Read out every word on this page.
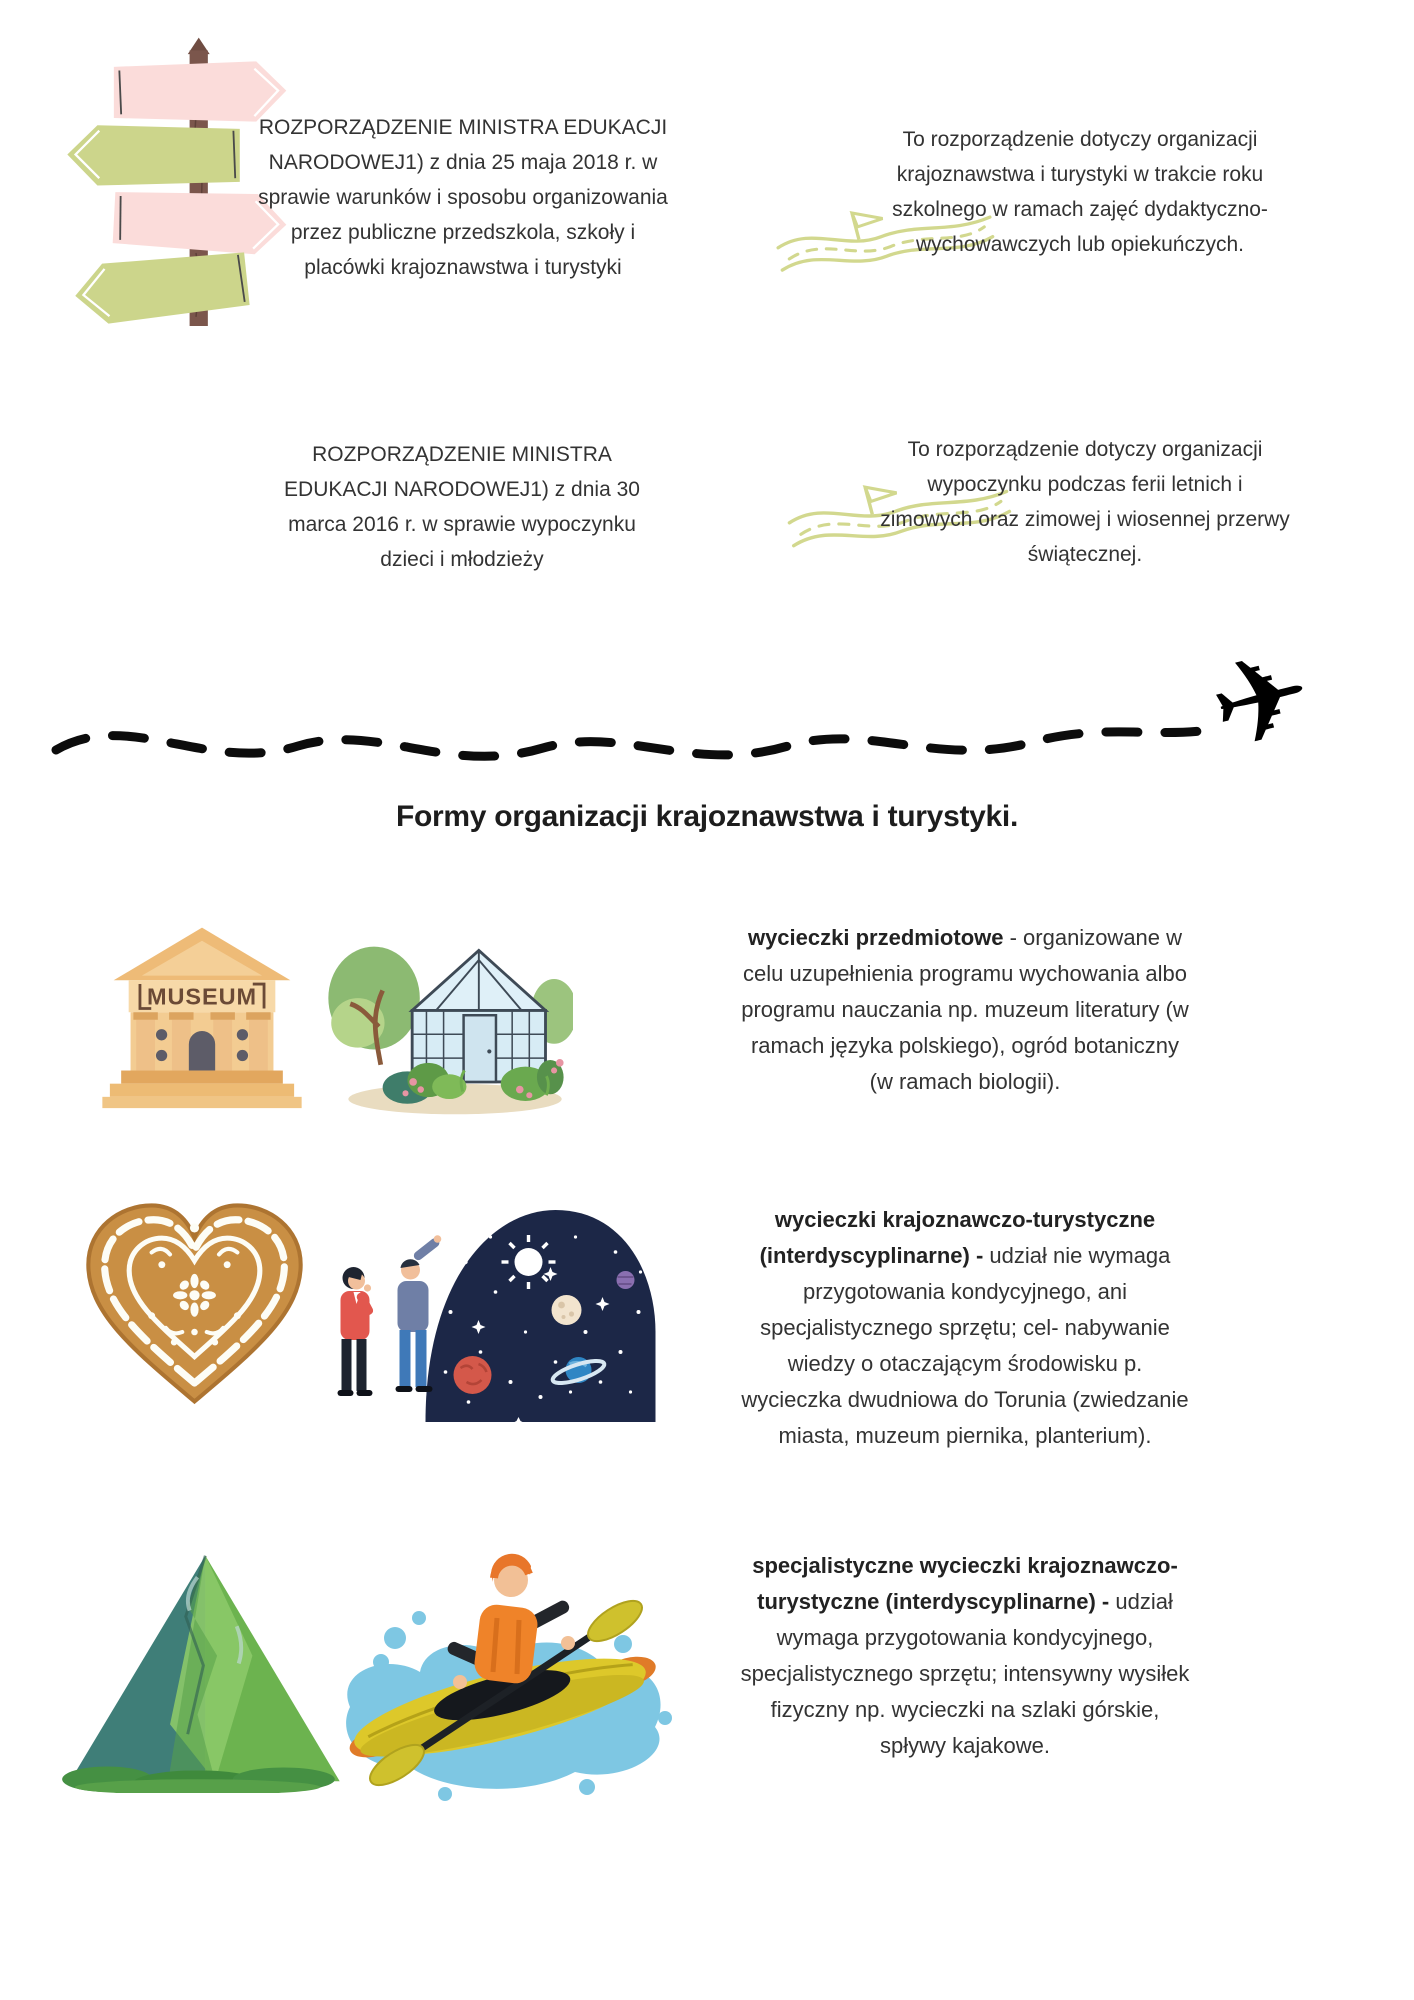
ROZPORZĄDZENIE MINISTRA EDUKACJI NARODOWEJ1) z dnia 25 maja 2018 r. w sprawie warunków i sposobu organizowania przez publiczne przedszkola, szkoły i placówki krajoznawstwa i turystyki

To rozporządzenie dotyczy organizacji krajoznawstwa i turystyki w trakcie roku szkolnego w ramach zajęć dydaktyczno-wychowawczych lub opiekuńczych.

ROZPORZĄDZENIE MINISTRA EDUKACJI NARODOWEJ1) z dnia 30 marca 2016 r. w sprawie wypoczynku dzieci i młodzieży

To rozporządzenie dotyczy organizacji wypoczynku podczas ferii letnich i zimowych oraz zimowej i wiosennej przerwy świątecznej.

✈
Formy organizacji krajoznawstwa i turystyki.
MUSEUM

wycieczki przedmiotowe - organizowane w celu uzupełnienia programu wychowania albo programu nauczania np. muzeum literatury (w ramach języka polskiego), ogród botaniczny (w ramach biologii).

wycieczki krajoznawczo-turystyczne (interdyscyplinarne) - udział nie wymaga przygotowania kondycyjnego, ani specjalistycznego sprzętu; cel- nabywanie wiedzy o otaczającym środowisku p. wycieczka dwudniowa do Torunia (zwiedzanie miasta, muzeum piernika, planterium).

specjalistyczne wycieczki krajoznawczo-turystyczne (interdyscyplinarne) - udział wymaga przygotowania kondycyjnego, specjalistycznego sprzętu; intensywny wysiłek fizyczny np. wycieczki na szlaki górskie, spływy kajakowe.
